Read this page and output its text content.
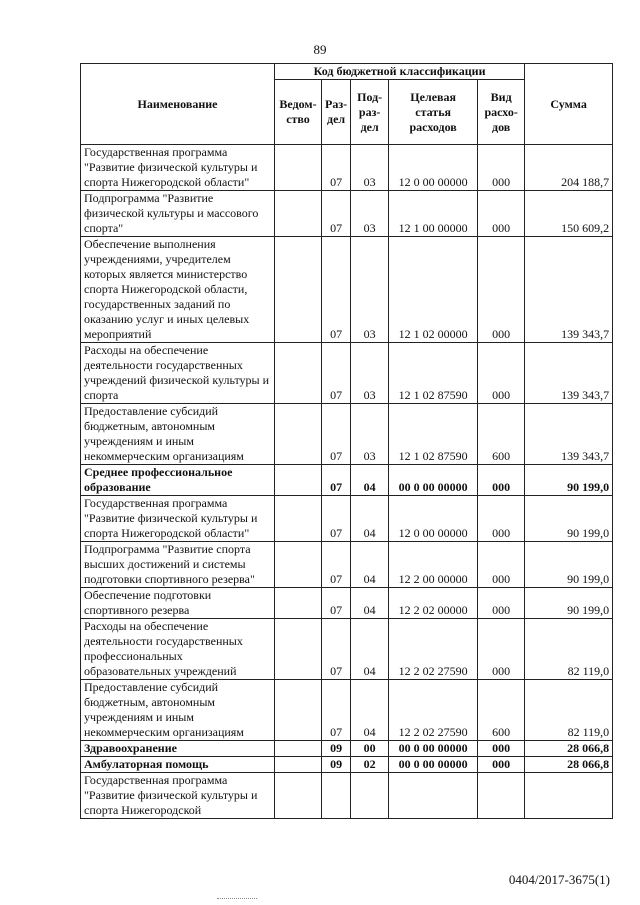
89
Наименование	Код бюджетной классификации					Сумма
	Ведом-ство	Раз-дел	Под-раз-дел	Целевая статья расходов	Вид расхо-дов	
Государственная программа "Развитие физической культуры и спорта Нижегородской области"		07	03	12 0 00 00000	000	204 188,7
Подпрограмма "Развитие физической культуры и массового спорта"		07	03	12 1 00 00000	000	150 609,2
Обеспечение выполнения учреждениями, учредителем которых является министерство спорта Нижегородской области, государственных заданий по оказанию услуг и иных целевых мероприятий		07	03	12 1 02 00000	000	139 343,7
Расходы на обеспечение деятельности государственных учреждений физической культуры и спорта		07	03	12 1 02 87590	000	139 343,7
Предоставление субсидий бюджетным, автономным учреждениям и иным некоммерческим организациям		07	03	12 1 02 87590	600	139 343,7
Среднее профессиональное образование		07	04	00 0 00 00000	000	90 199,0
Государственная программа "Развитие физической культуры и спорта Нижегородской области"		07	04	12 0 00 00000	000	90 199,0
Подпрограмма "Развитие спорта высших достижений и системы подготовки спортивного резерва"		07	04	12 2 00 00000	000	90 199,0
Обеспечение подготовки спортивного резерва		07	04	12 2 02 00000	000	90 199,0
Расходы на обеспечение деятельности государственных профессиональных образовательных учреждений		07	04	12 2 02 27590	000	82 119,0
Предоставление субсидий бюджетным, автономным учреждениям и иным некоммерческим организациям		07	04	12 2 02 27590	600	82 119,0
Здравоохранение		09	00	00 0 00 00000	000	28 066,8
Амбулаторная помощь		09	02	00 0 00 00000	000	28 066,8
Государственная программа "Развитие физической культуры и спорта Нижегородской						
0404/2017-3675(1)
